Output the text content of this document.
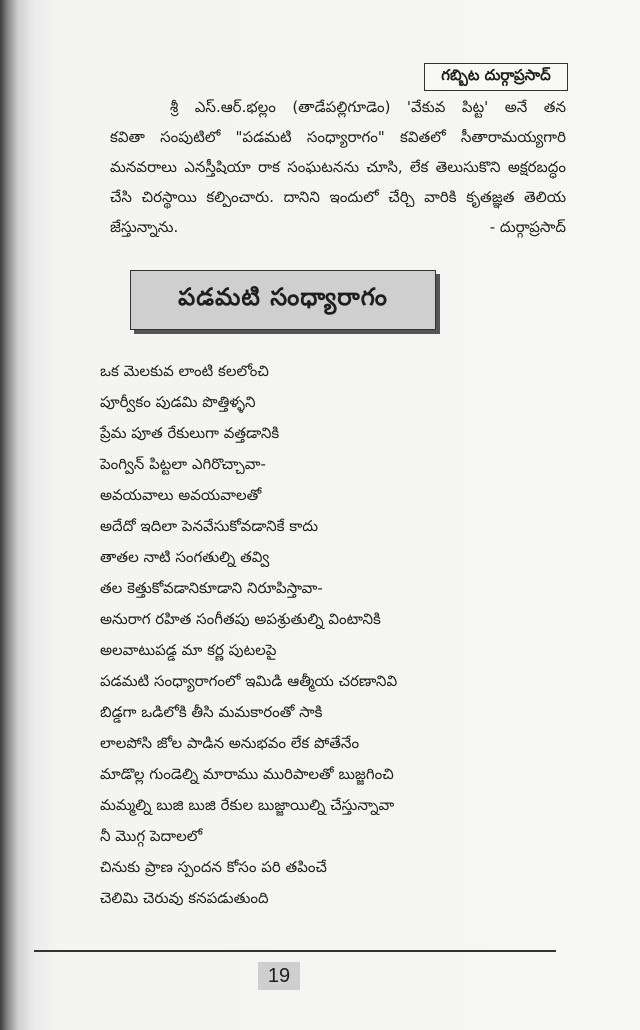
గబ్బిట దుర్గాప్రసాద్
శ్రీ ఎస్.ఆర్.భల్లం (తాడేపల్లిగూడెం) 'వేకువ పిట్ట' అనే తన
కవితా సంపుటిలో "పడమటి సంధ్యారాగం" కవితలో సీతారామయ్యగారి
మనవరాలు ఎనస్తీషియా రాక సంఘటనను చూసి, లేక తెలుసుకొని అక్షరబద్ధం
చేసి చిరస్థాయి కల్పించారు. దానిని ఇందులో చేర్చి వారికి కృతజ్ఞత తెలియ
జేస్తున్నాను.	- దుర్గాప్రసాద్
పడమటి సంధ్యారాగం
ఒక మెలకువ లాంటి కలలోంచి
పూర్వీకం పుడమి పొత్తిళ్ళని
ప్రేమ పూత రేకులుగా వత్తడానికి
పెంగ్విన్ పిట్టలా ఎగిరొచ్చావా-
అవయవాలు అవయవాలతో
అదేదో ఇదిలా పెనవేసుకోవడానికే కాదు
తాతల నాటి సంగతుల్ని తవ్వి
తల కెత్తుకోవడానికూడాని నిరూపిస్తావా-
అనురాగ రహిత సంగీతపు అపశ్రుతుల్ని వింటానికి
అలవాటుపడ్డ మా కర్ణ పుటలపై
పడమటి సంధ్యారాగంలో ఇమిడి ఆత్మీయ చరణానివి
బిడ్డగా ఒడిలోకి తీసి మమకారంతో సాకి
లాలపోసి జోల పాడిన అనుభవం లేక పోతేనేం
మాడొల్ల గుండెల్ని మారాము మురిపాలతో బుజ్జగించి
మమ్మల్ని బుజి బుజి రేకుల బుజ్జాయిల్ని చేస్తున్నావా
నీ మొగ్గ పెదాలలో
చినుకు ప్రాణ స్పందన కోసం పరి తపించే
చెలిమి చెరువు కనపడుతుంది
19
